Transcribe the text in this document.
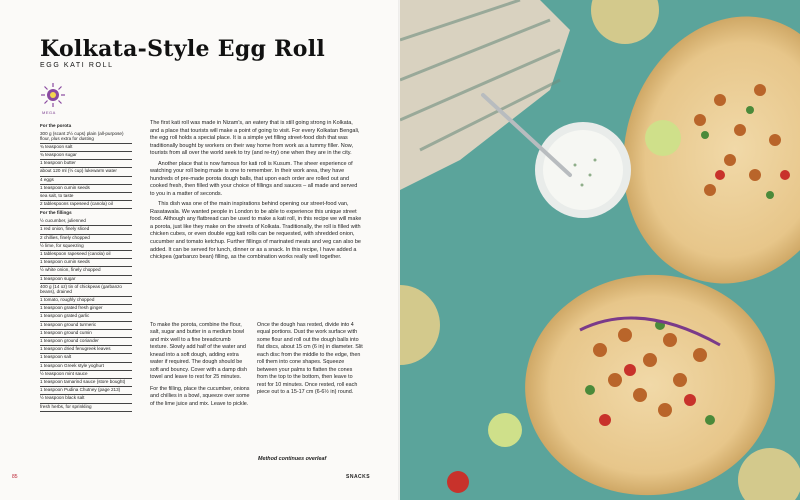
Kolkata-Style Egg Roll
EGG KATI ROLL
MEGA
For the porota
300 g (scant 2½ cups) plain (all-purpose) flour, plus extra for dusting
¾ teaspoon salt
¾ teaspoon sugar
1 teaspoon butter
about 120 ml (½ cup) lukewarm water
4 eggs
1 teaspoon cumin seeds
sea salt, to taste
2 tablespoons rapeseed (canola) oil
For the fillings
½ cucumber, julienned
1 red onion, finely sliced
2 chillies, finely chopped
½ lime, for squeezing
1 tablespoon rapeseed (canola) oil
1 teaspoon cumin seeds
½ white onion, finely chopped
1 teaspoon sugar
400 g (14 oz) tin of chickpeas (garbanzo beans), drained
1 tomato, roughly chopped
1 teaspoon grated fresh ginger
1 teaspoon grated garlic
1 teaspoon ground turmeric
1 teaspoon ground cumin
1 teaspoon ground coriander
1 teaspoon dried fenugreek leaves
1 teaspoon salt
1 teaspoon Greek style yoghurt
½ teaspoon mint sauce
1 teaspoon tamarind sauce (store bought)
1 teaspoon Pudina Chutney (page 213)
½ teaspoon black salt
fresh herbs, for sprinkling

The first kati roll was made in Nizam's, an eatery that is still going strong in Kolkata, and a place that tourists will make a point of going to visit. For every Kolkatan Bengali, the egg roll holds a special place. It is a simple yet filling street-food dish that was traditionally bought by workers on their way home from work as a tummy filler. Now, tourists from all over the world seek to try (and re-try) one when they are in the city.

Another place that is now famous for kati roll is Kusum. The sheer experience of watching your roll being made is one to remember. In their work area, they have hundreds of pre-made porota dough balls, that upon each order are rolled out and cooked fresh, then filled with your choice of fillings and sauces – all made and served to you in a matter of seconds.

This dish was one of the main inspirations behind opening our street-food van, Rasatawala. We wanted people in London to be able to experience this unique street food. Although any flatbread can be used to make a kati roll, in this recipe we will make a porota, just like they make on the streets of Kolkata. Traditionally, the roll is filled with chicken cubes, or even double egg kati rolls can be requested, with shredded onion, cucumber and tomato ketchup. Further fillings of marinated meats and veg can also be added. It can be served for lunch, dinner or as a snack. In this recipe, I have added a chickpea (garbanzo bean) filling, as the combination works really well together.

To make the porota, combine the flour, salt, sugar and butter in a medium bowl and mix well to a fine breadcrumb texture. Slowly add half of the water and knead into a soft dough, adding extra water if required. The dough should be soft and bouncy. Cover with a damp dish towel and leave to rest for 25 minutes.

For the filling, place the cucumber, onions and chillies in a bowl, squeeze over some of the lime juice and mix. Leave to pickle.

Once the dough has rested, divide into 4 equal portions. Dust the work surface with some flour and roll out the dough balls into flat discs, about 15 cm (6 in) in diameter. Slit each disc from the middle to the edge, then roll them into cone shapes. Squeeze between your palms to flatten the cones from the top to the bottom, then leave to rest for 10 minutes. Once rested, roll each piece out to a 15-17 cm (6-6½ in) round.

Method continues overleaf
85	SNACKS
